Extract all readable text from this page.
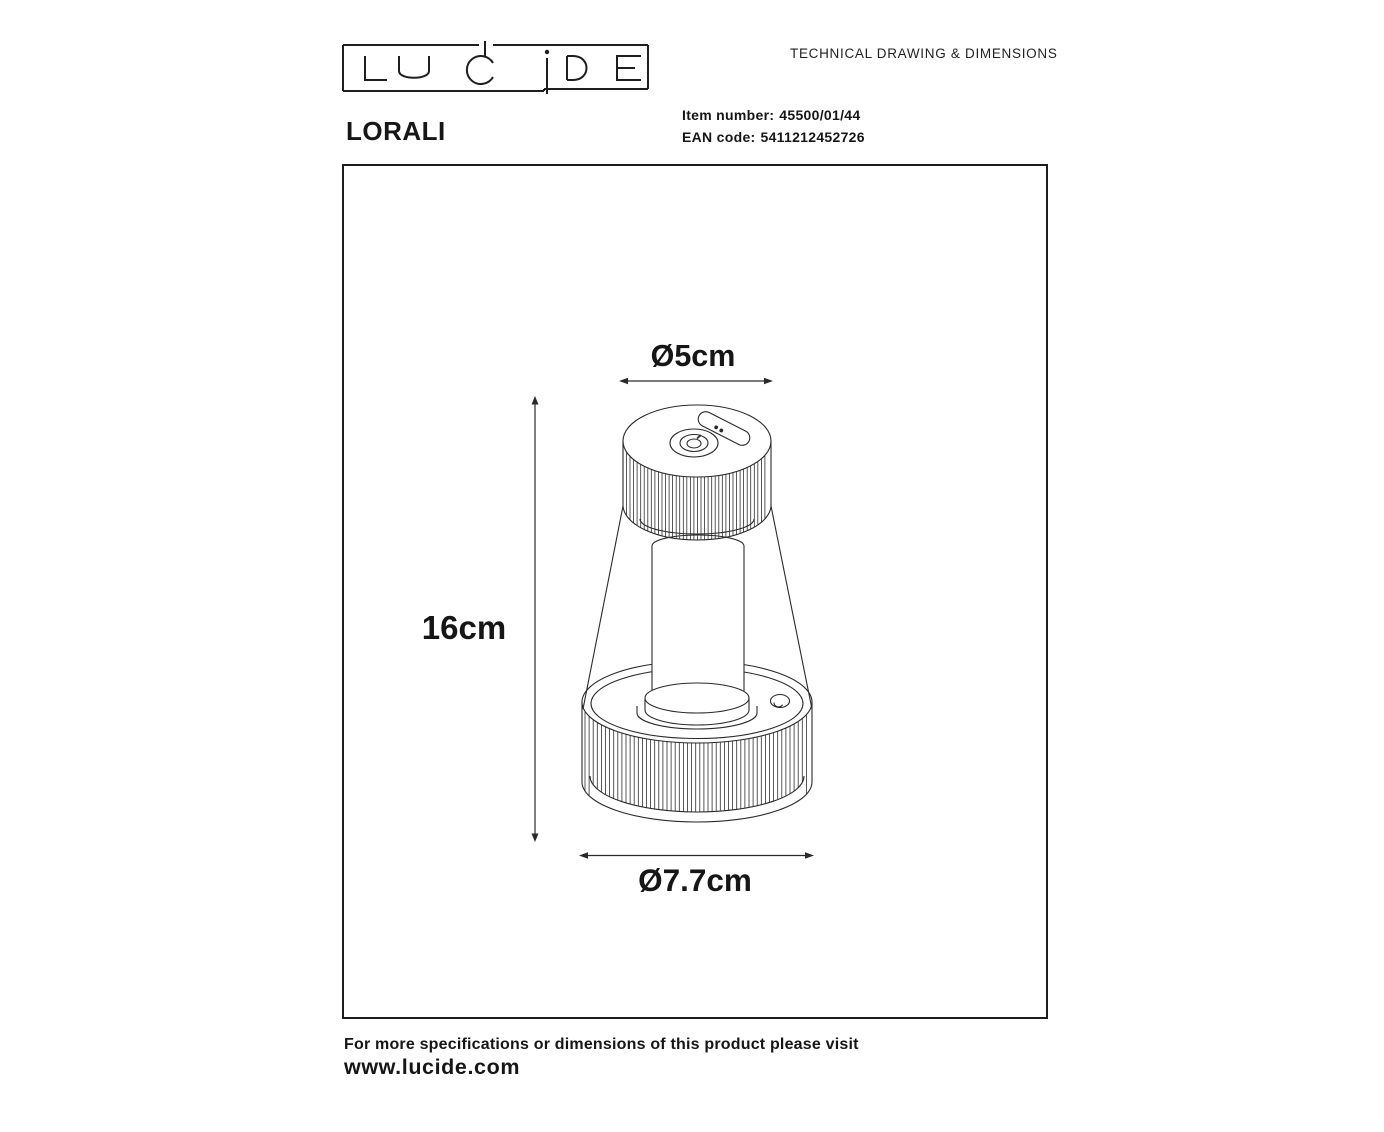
LORALI
TECHNICAL DRAWING & DIMENSIONS
Item number: 45500/01/44
EAN code: 5411212452726
Ø5cm
16cm
Ø7.7cm
For more specifications or dimensions of this product please visit
www.lucide.com
